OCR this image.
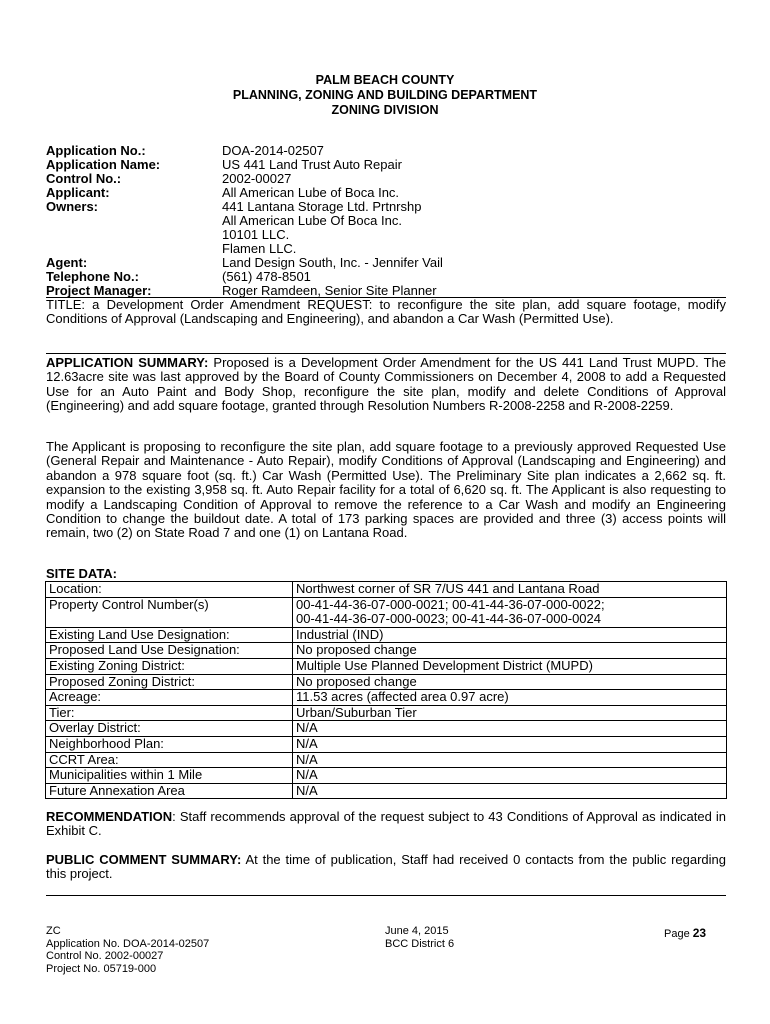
PALM BEACH COUNTY
PLANNING, ZONING AND BUILDING DEPARTMENT
ZONING DIVISION
Application No.:	DOA-2014-02507
Application Name:	US 441 Land Trust Auto Repair
Control No.:	2002-00027
Applicant:	All American Lube of Boca Inc.
Owners:	441 Lantana Storage Ltd. Prtnrshp
All American Lube Of Boca Inc.
10101 LLC.
Flamen LLC.
Agent:	Land Design South, Inc. - Jennifer Vail
Telephone No.:	(561) 478-8501
Project Manager:	Roger Ramdeen, Senior Site Planner

TITLE: a Development Order Amendment REQUEST: to reconfigure the site plan, add square footage, modify Conditions of Approval (Landscaping and Engineering), and abandon a Car Wash (Permitted Use).

APPLICATION SUMMARY: Proposed is a Development Order Amendment for the US 441 Land Trust MUPD. The 12.63acre site was last approved by the Board of County Commissioners on December 4, 2008 to add a Requested Use for an Auto Paint and Body Shop, reconfigure the site plan, modify and delete Conditions of Approval (Engineering) and add square footage, granted through Resolution Numbers R-2008-2258 and R-2008-2259.

The Applicant is proposing to reconfigure the site plan, add square footage to a previously approved Requested Use (General Repair and Maintenance - Auto Repair), modify Conditions of Approval (Landscaping and Engineering) and abandon a 978 square foot (sq. ft.) Car Wash (Permitted Use). The Preliminary Site plan indicates a 2,662 sq. ft. expansion to the existing 3,958 sq. ft. Auto Repair facility for a total of 6,620 sq. ft. The Applicant is also requesting to modify a Landscaping Condition of Approval to remove the reference to a Car Wash and modify an Engineering Condition to change the buildout date. A total of 173 parking spaces are provided and three (3) access points will remain, two (2) on State Road 7 and one (1) on Lantana Road.

SITE DATA:
Location:	Northwest corner of SR 7/US 441 and Lantana Road
Property Control Number(s)	00-41-44-36-07-000-0021; 00-41-44-36-07-000-0022;
00-41-44-36-07-000-0023; 00-41-44-36-07-000-0024

Existing Land Use Designation:	Industrial (IND)
Proposed Land Use Designation:	No proposed change
Existing Zoning District:	Multiple Use Planned Development District (MUPD)
Proposed Zoning District:	No proposed change
Acreage:	11.53 acres (affected area 0.97 acre)
Tier:	Urban/Suburban Tier
Overlay District:	N/A
Neighborhood Plan:	N/A
CCRT Area:	N/A
Municipalities within 1 Mile	N/A
Future Annexation Area	N/A

RECOMMENDATION: Staff recommends approval of the request subject to 43 Conditions of Approval as indicated in Exhibit C.

PUBLIC COMMENT SUMMARY: At the time of publication, Staff had received 0 contacts from the public regarding this project.

ZC
Application No. DOA-2014-02507
Control No. 2002-00027
Project No. 05719-000
June 4, 2015
BCC District 6
Page 23
